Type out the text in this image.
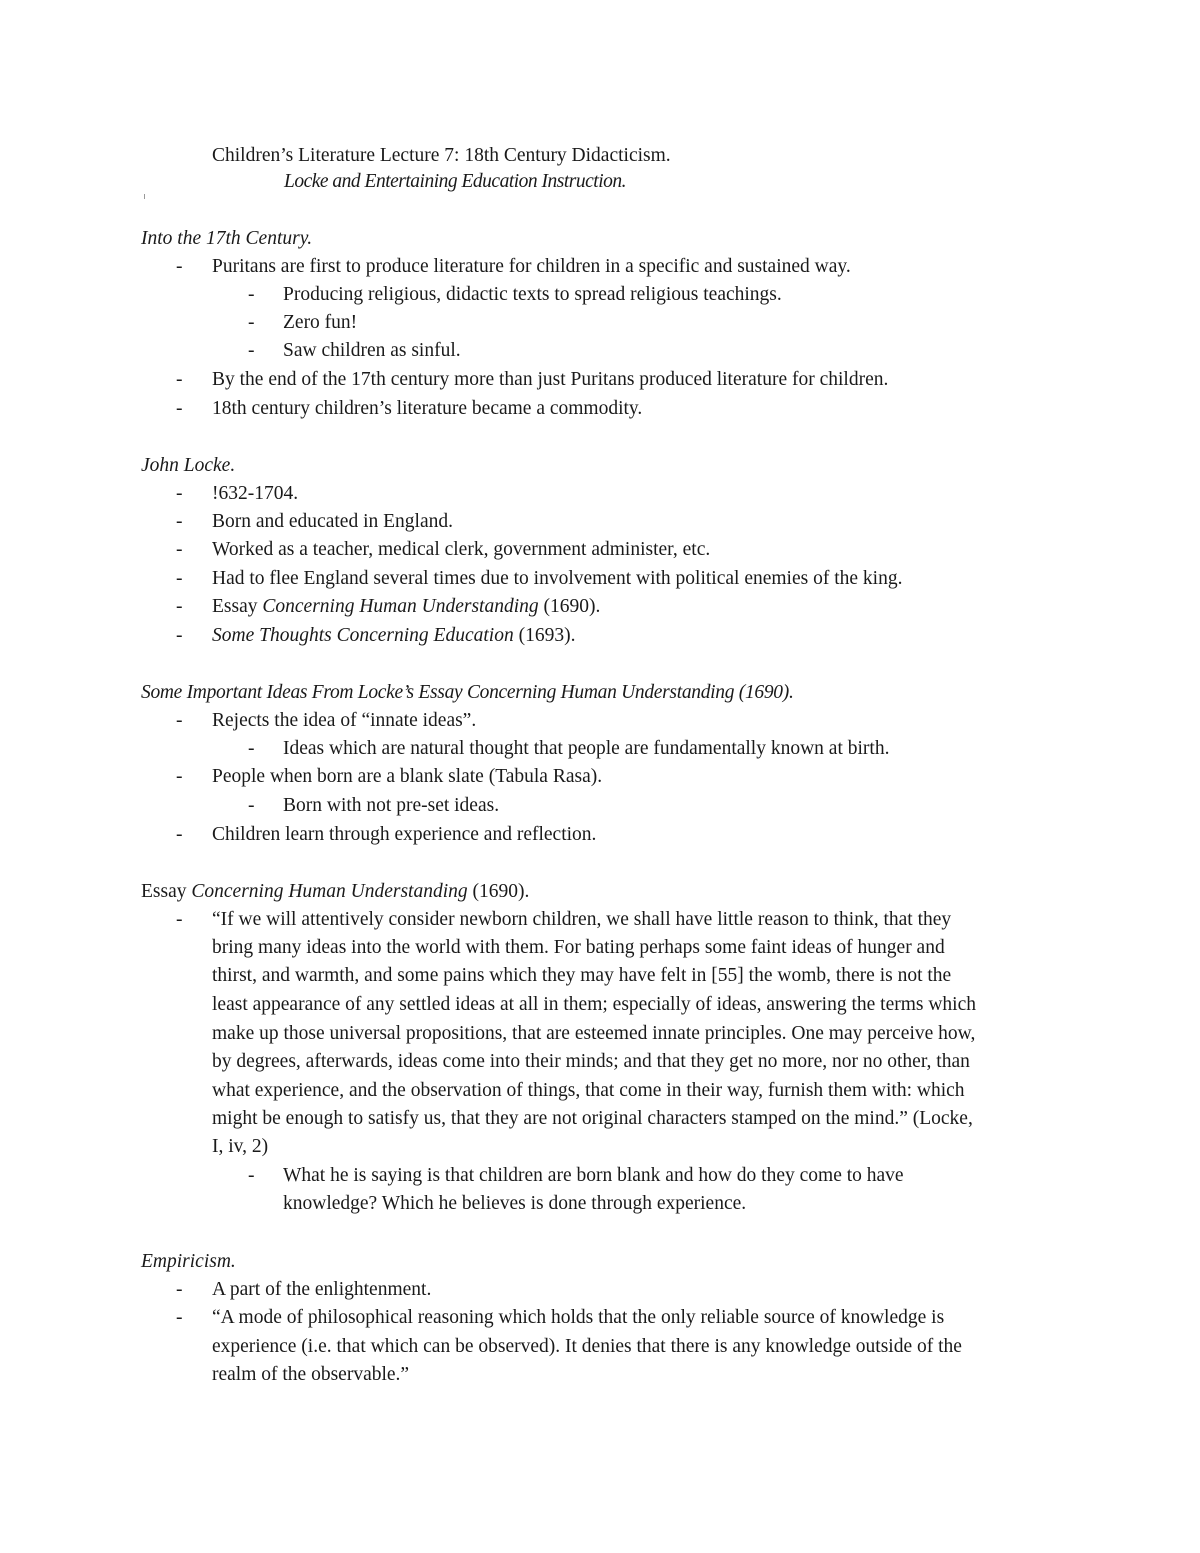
Children’s Literature Lecture 7: 18th Century Didacticism.
Locke and Entertaining Education Instruction.
Into the 17th Century.
- Puritans are first to produce literature for children in a specific and sustained way.
- Producing religious, didactic texts to spread religious teachings.
- Zero fun!
- Saw children as sinful.
- By the end of the 17th century more than just Puritans produced literature for children.
- 18th century children’s literature became a commodity.
John Locke.
- !632-1704.
- Born and educated in England.
- Worked as a teacher, medical clerk, government administer, etc.
- Had to flee England several times due to involvement with political enemies of the king.
- Essay Concerning Human Understanding (1690).
- Some Thoughts Concerning Education (1693).
Some Important Ideas From Locke’s Essay Concerning Human Understanding (1690).
- Rejects the idea of “innate ideas”.
- Ideas which are natural thought that people are fundamentally known at birth.
- People when born are a blank slate (Tabula Rasa).
- Born with not pre-set ideas.
- Children learn through experience and reflection.
Essay Concerning Human Understanding (1690).
- “If we will attentively consider newborn children, we shall have little reason to think, that they
bring many ideas into the world with them. For bating perhaps some faint ideas of hunger and
thirst, and warmth, and some pains which they may have felt in [55] the womb, there is not the
least appearance of any settled ideas at all in them; especially of ideas, answering the terms which
make up those universal propositions, that are esteemed innate principles. One may perceive how,
by degrees, afterwards, ideas come into their minds; and that they get no more, nor no other, than
what experience, and the observation of things, that come in their way, furnish them with: which
might be enough to satisfy us, that they are not original characters stamped on the mind.” (Locke,
I, iv, 2)
- What he is saying is that children are born blank and how do they come to have
knowledge? Which he believes is done through experience.
Empiricism.
- A part of the enlightenment.
- “A mode of philosophical reasoning which holds that the only reliable source of knowledge is
experience (i.e. that which can be observed). It denies that there is any knowledge outside of the
realm of the observable.”
